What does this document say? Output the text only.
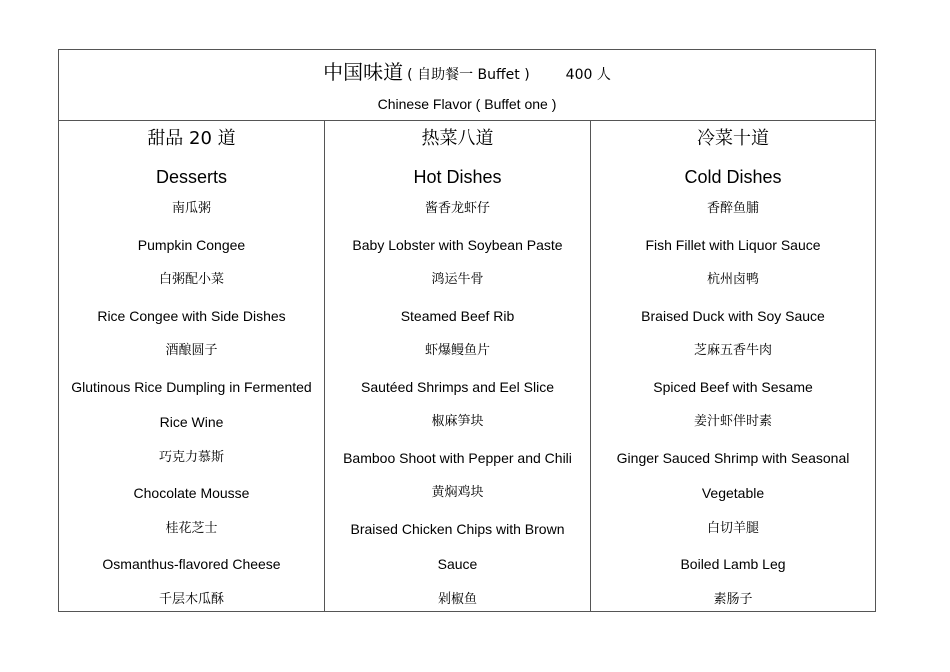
中国味道 ( 自助餐一 Buffet )	400 人
Chinese Flavor ( Buffet one )
甜品 20 道
Desserts
南瓜粥
Pumpkin Congee
白粥配小菜
Rice Congee with Side Dishes
酒酿圆子
Glutinous Rice Dumpling in Fermented
Rice Wine
巧克力慕斯
Chocolate Mousse
桂花芝士
Osmanthus-flavored Cheese
千层木瓜酥
热菜八道
Hot Dishes
酱香龙虾仔
Baby Lobster with Soybean Paste
鸿运牛骨
Steamed Beef Rib
虾爆鳗鱼片
Sautéed Shrimps and Eel Slice
椒麻笋块
Bamboo Shoot with Pepper and Chili
黄焖鸡块
Braised Chicken Chips with Brown
Sauce
剁椒鱼
冷菜十道
Cold Dishes
香醉鱼脯
Fish Fillet with Liquor Sauce
杭州卤鸭
Braised Duck with Soy Sauce
芝麻五香牛肉
Spiced Beef with Sesame
姜汁虾伴时素
Ginger Sauced Shrimp with Seasonal
Vegetable
白切羊腿
Boiled Lamb Leg
素肠子
